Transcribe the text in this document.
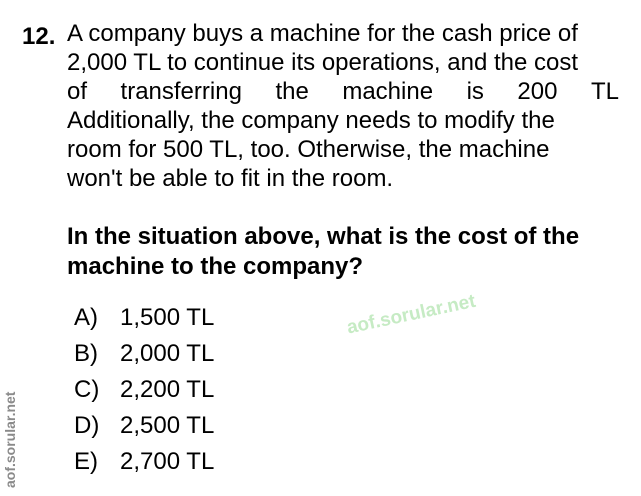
12. A company buys a machine for the cash price of
2,000 TL to continue its operations, and the cost
of transferring the machine is 200 TL
Additionally, the company needs to modify the
room for 500 TL, too. Otherwise, the machine
won't be able to fit in the room.
In the situation above, what is the cost of the
machine to the company?
A) 1,500 TL
B) 2,000 TL
C) 2,200 TL
D) 2,500 TL
E) 2,700 TL
aof.sorular.net
aof.sorular.net
